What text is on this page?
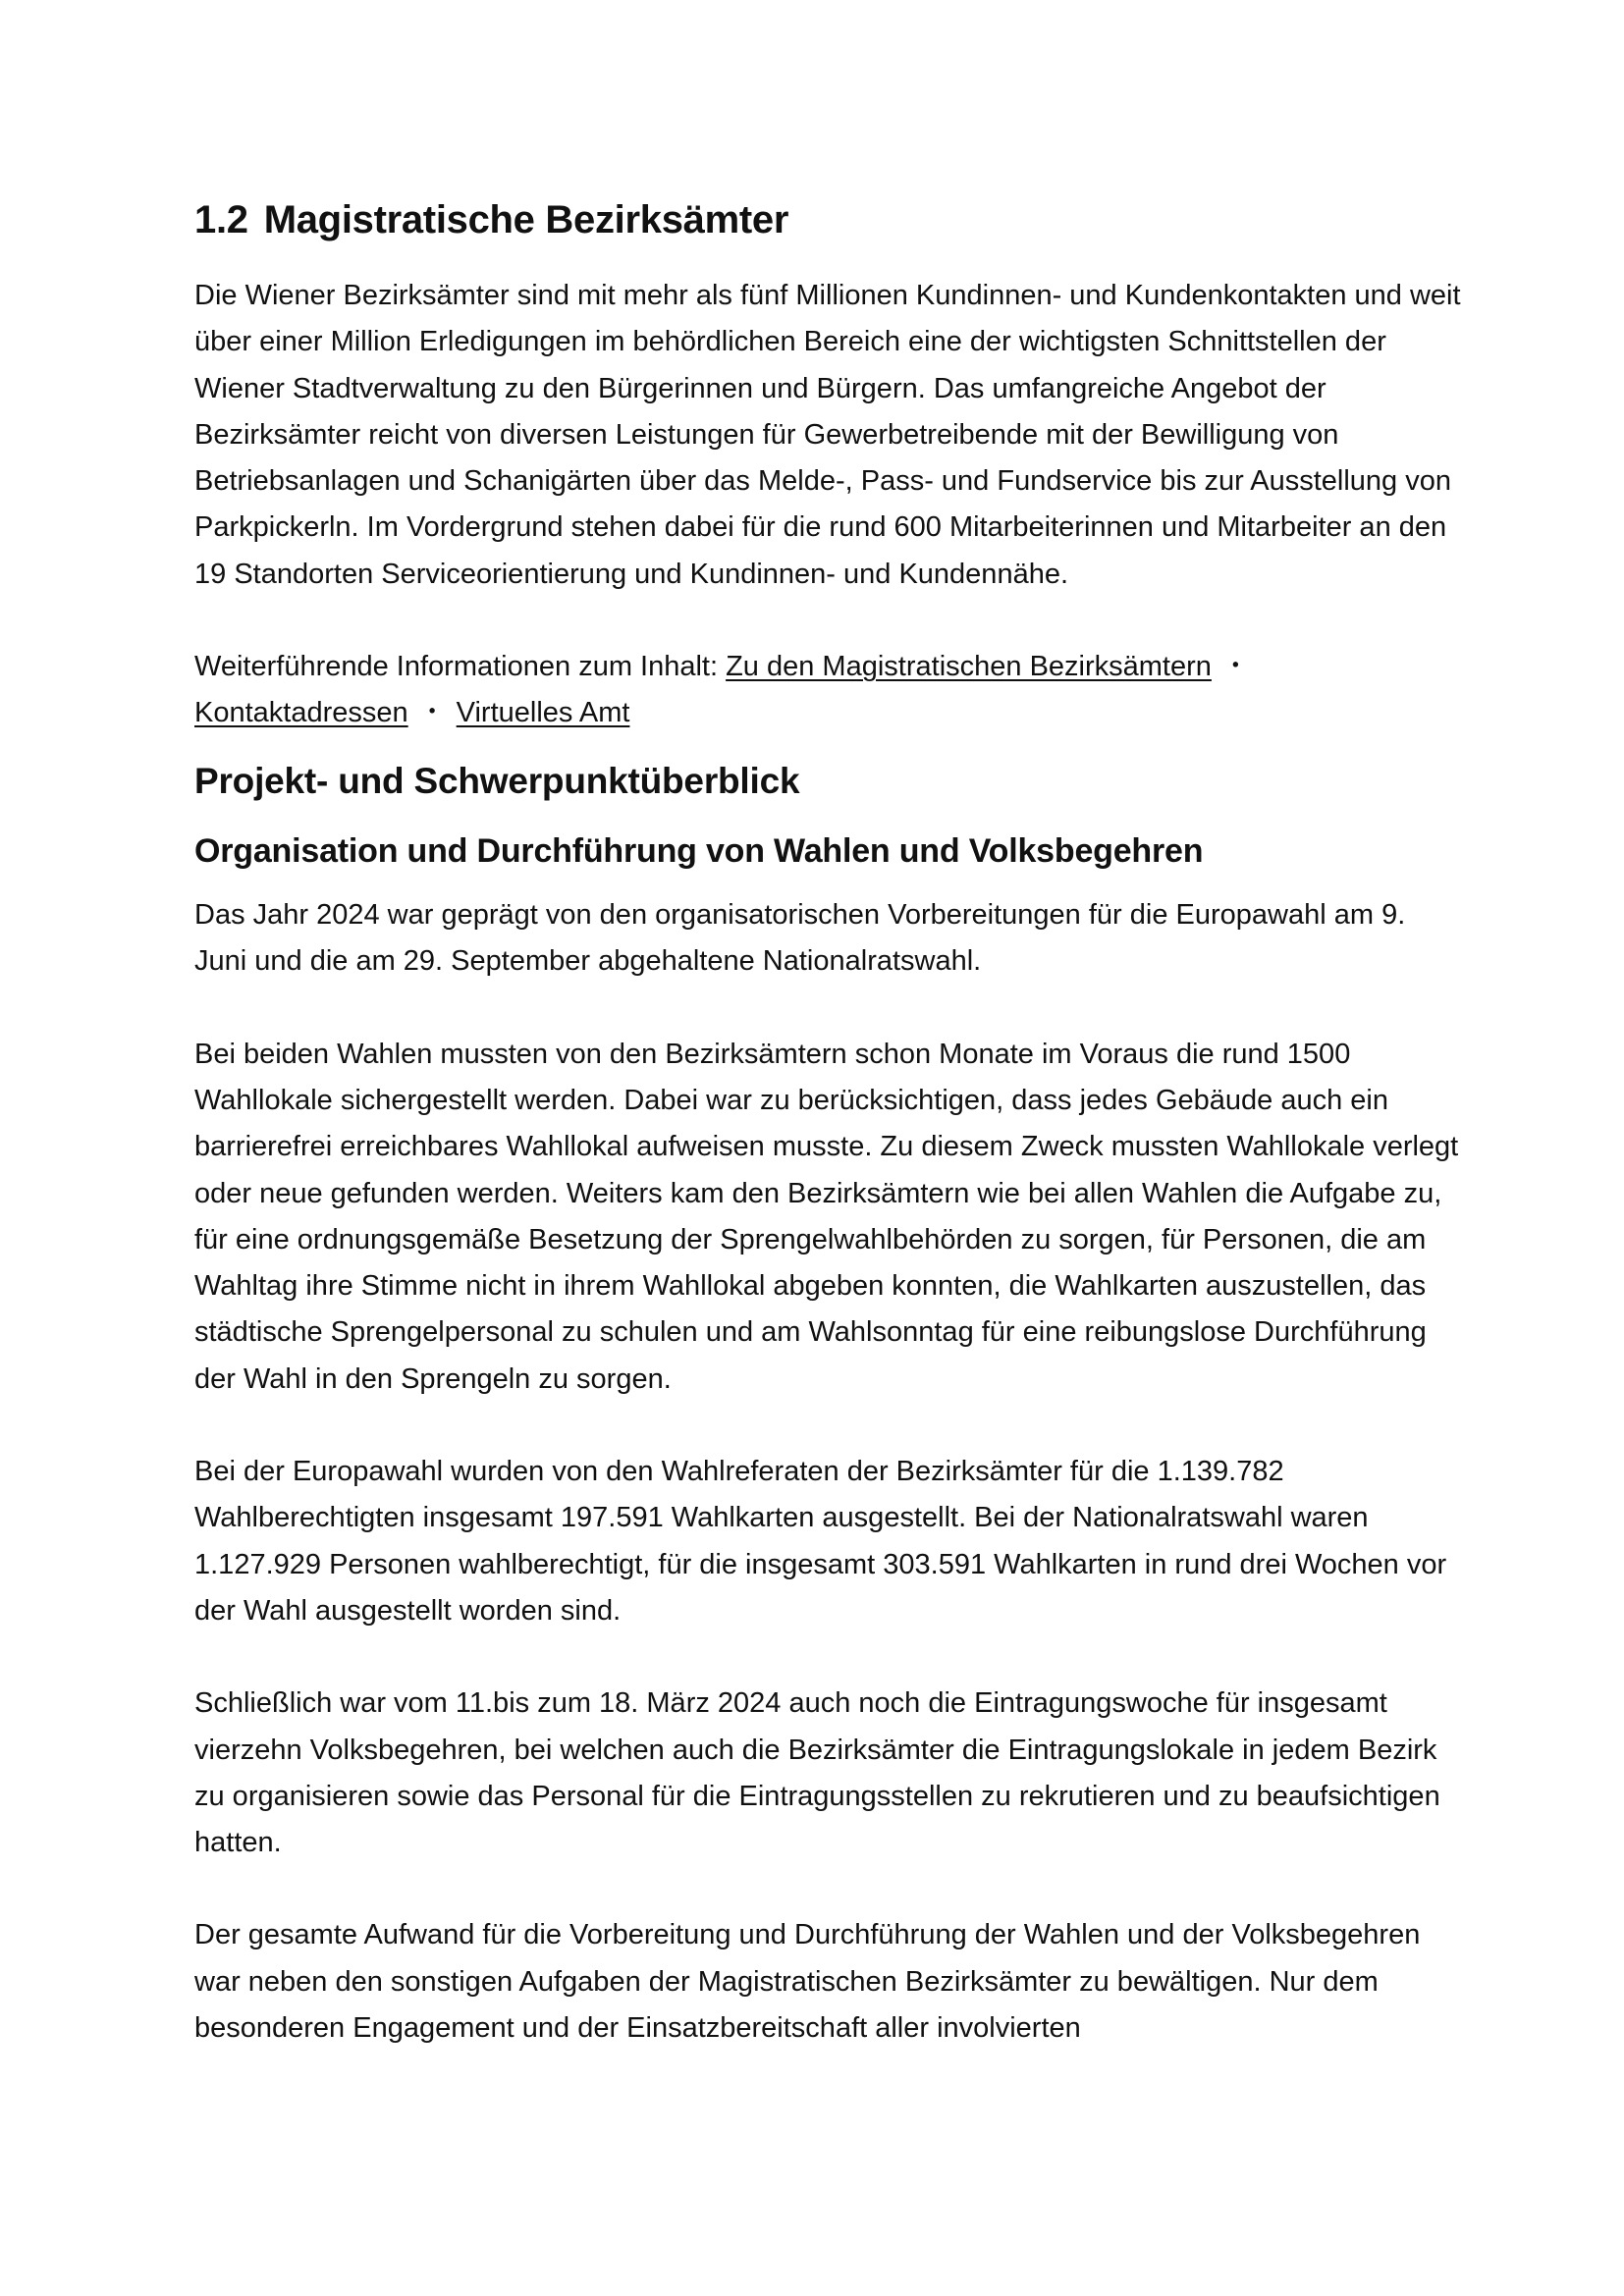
1.2 Magistratische Bezirksämter

Die Wiener Bezirksämter sind mit mehr als fünf Millionen Kundinnen- und Kundenkontakten und weit über einer Million Erledigungen im behördlichen Bereich eine der wichtigsten Schnittstellen der Wiener Stadtverwaltung zu den Bürgerinnen und Bürgern. Das umfangreiche Angebot der Bezirksämter reicht von diversen Leistungen für Gewerbetreibende mit der Bewilligung von Betriebsanlagen und Schanigärten über das Melde-, Pass- und Fundservice bis zur Ausstellung von Parkpickerln. Im Vordergrund stehen dabei für die rund 600 Mitarbeiterinnen und Mitarbeiter an den 19 Standorten Serviceorientierung und Kundinnen- und Kundennähe.

Weiterführende Informationen zum Inhalt: Zu den Magistratischen Bezirksämtern ・Kontaktadressen ・ Virtuelles Amt

Projekt- und Schwerpunktüberblick
Organisation und Durchführung von Wahlen und Volksbegehren

Das Jahr 2024 war geprägt von den organisatorischen Vorbereitungen für die Europawahl am 9. Juni und die am 29. September abgehaltene Nationalratswahl.

Bei beiden Wahlen mussten von den Bezirksämtern schon Monate im Voraus die rund 1500 Wahllokale sichergestellt werden. Dabei war zu berücksichtigen, dass jedes Gebäude auch ein barrierefrei erreichbares Wahllokal aufweisen musste. Zu diesem Zweck mussten Wahllokale verlegt oder neue gefunden werden. Weiters kam den Bezirksämtern wie bei allen Wahlen die Aufgabe zu, für eine ordnungsgemäße Besetzung der Sprengelwahlbehörden zu sorgen, für Personen, die am Wahltag ihre Stimme nicht in ihrem Wahllokal abgeben konnten, die Wahlkarten auszustellen, das städtische Sprengelpersonal zu schulen und am Wahlsonntag für eine reibungslose Durchführung der Wahl in den Sprengeln zu sorgen.

Bei der Europawahl wurden von den Wahlreferaten der Bezirksämter für die 1.139.782 Wahlberechtigten insgesamt 197.591 Wahlkarten ausgestellt. Bei der Nationalratswahl waren 1.127.929 Personen wahlberechtigt, für die insgesamt 303.591 Wahlkarten in rund drei Wochen vor der Wahl ausgestellt worden sind.

Schließlich war vom 11.bis zum 18. März 2024 auch noch die Eintragungswoche für insgesamt vierzehn Volksbegehren, bei welchen auch die Bezirksämter die Eintragungslokale in jedem Bezirk zu organisieren sowie das Personal für die Eintragungsstellen zu rekrutieren und zu beaufsichtigen hatten.

Der gesamte Aufwand für die Vorbereitung und Durchführung der Wahlen und der Volksbegehren war neben den sonstigen Aufgaben der Magistratischen Bezirksämter zu bewältigen. Nur dem besonderen Engagement und der Einsatzbereitschaft aller involvierten
